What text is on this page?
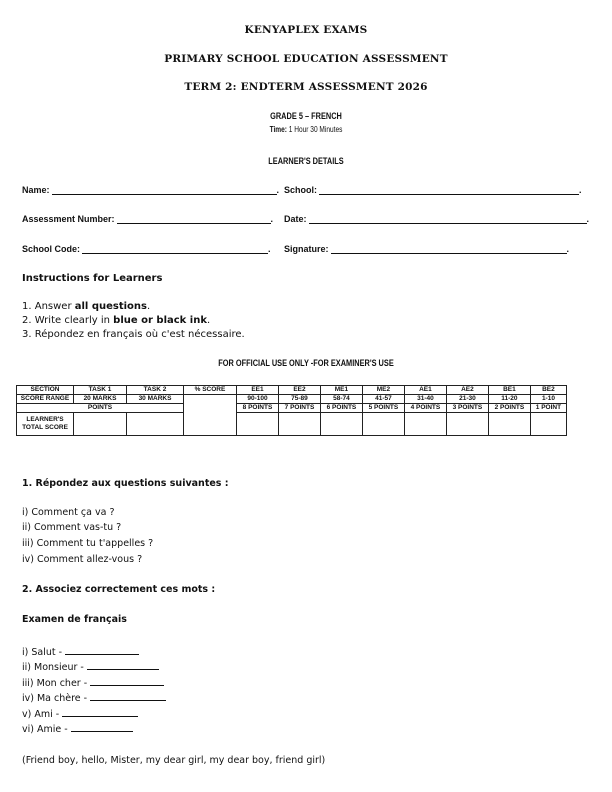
KENYAPLEX EXAMS
PRIMARY SCHOOL EDUCATION ASSESSMENT
TERM 2: ENDTERM ASSESSMENT 2026
GRADE 5 – FRENCH
Time: 1 Hour 30 Minutes
LEARNER'S DETAILS
Name:	. School:	.
Assessment Number:	. Date:	.
School Code:	. Signature:	.
Instructions for Learners
1. Answer all questions.
2. Write clearly in blue or black ink.
3. Répondez en français où c'est nécessaire.
FOR OFFICIAL USE ONLY -FOR EXAMINER'S USE
SECTION	TASK 1	TASK 2	% SCORE	EE1	EE2	ME1	ME2	AE1	AE2	BE1	BE2
SCORE RANGE	20 MARKS	30 MARKS		90-100	75-89	58-74	41-57	31-40	21-30	11-20	1-10
POINTS				8 POINTS	7 POINTS	6 POINTS	5 POINTS	4 POINTS	3 POINTS	2 POINTS	1 POINT
LEARNER'S
TOTAL SCORE											
1. Répondez aux questions suivantes :
i) Comment ça va ?
ii) Comment vas-tu ?
iii) Comment tu t'appelles ?
iv) Comment allez-vous ?
2. Associez correctement ces mots :
Examen de français
i) Salut -
ii) Monsieur -
iii) Mon cher -
iv) Ma chère -
v) Ami -
vi) Amie -
(Friend boy, hello, Mister, my dear girl, my dear boy, friend girl)
